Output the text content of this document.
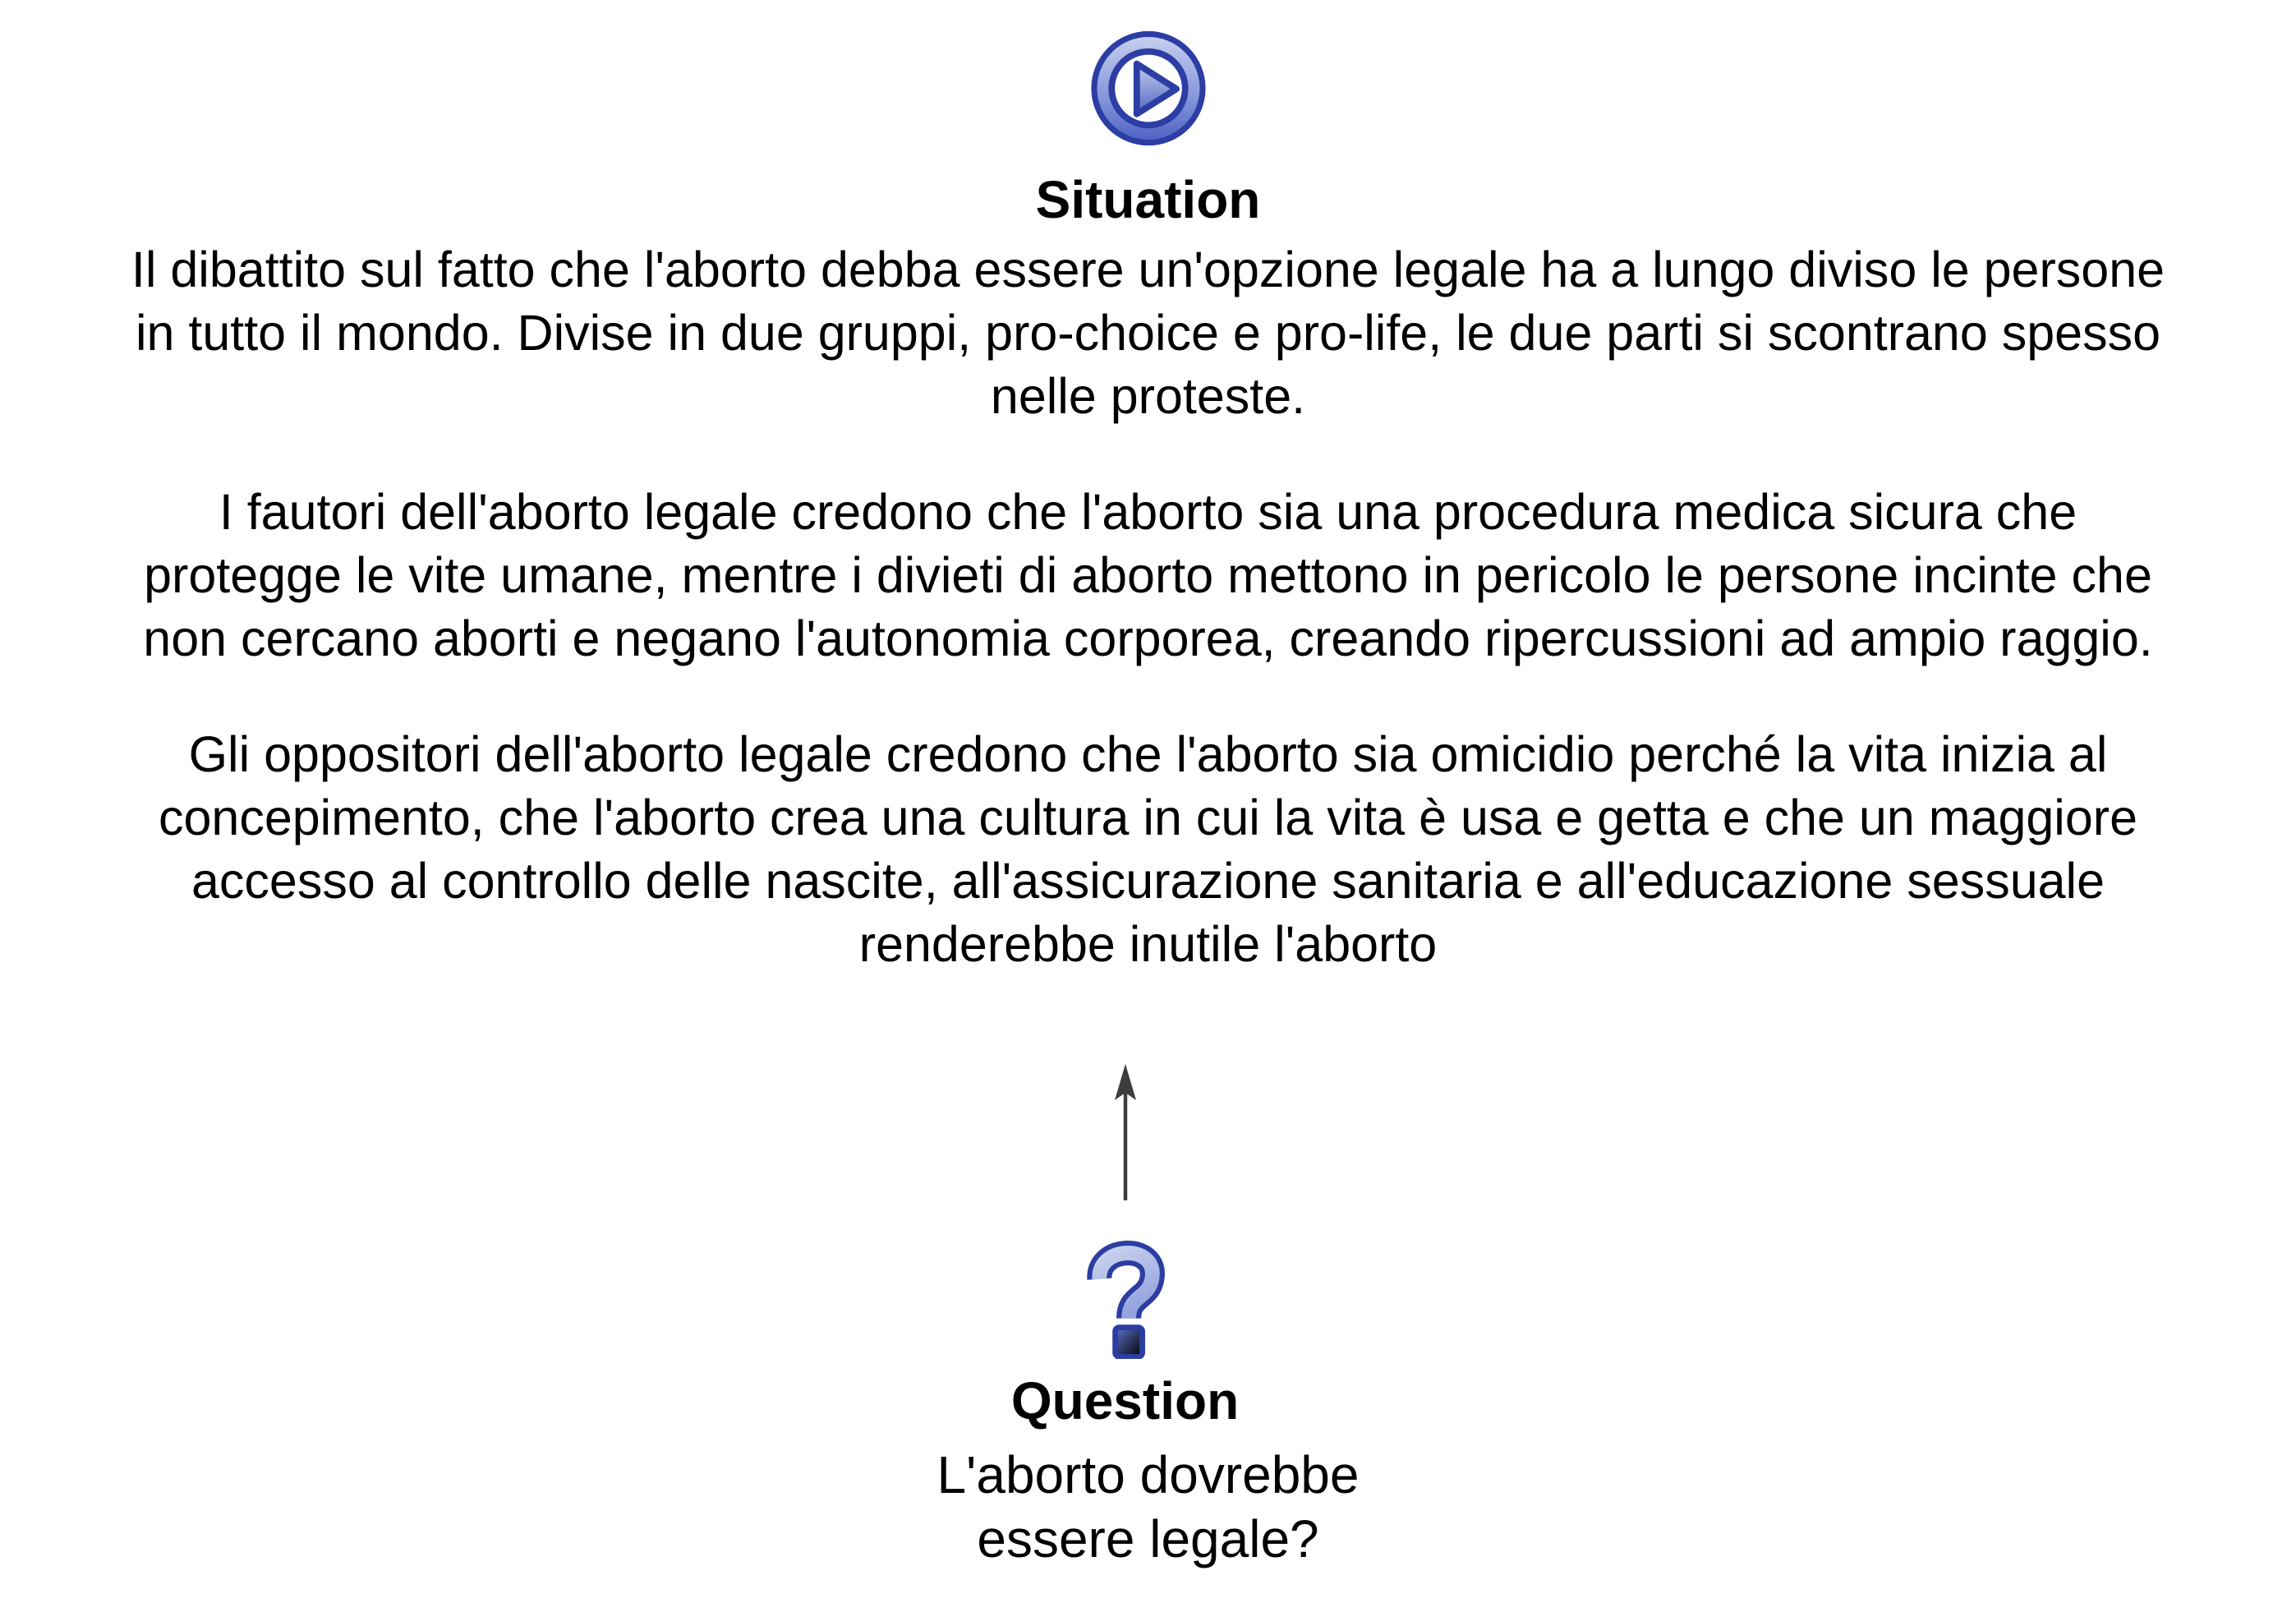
Situation
Il dibattito sul fatto che l'aborto debba essere un'opzione legale ha a lungo diviso le persone
in tutto il mondo. Divise in due gruppi, pro-choice e pro-life, le due parti si scontrano spesso
nelle proteste.
I fautori dell'aborto legale credono che l'aborto sia una procedura medica sicura che
protegge le vite umane, mentre i divieti di aborto mettono in pericolo le persone incinte che
non cercano aborti e negano l'autonomia corporea, creando ripercussioni ad ampio raggio.
Gli oppositori dell'aborto legale credono che l'aborto sia omicidio perché la vita inizia al
concepimento, che l'aborto crea una cultura in cui la vita è usa e getta e che un maggiore
accesso al controllo delle nascite, all'assicurazione sanitaria e all'educazione sessuale
renderebbe inutile l'aborto
Question
L'aborto dovrebbe
essere legale?
